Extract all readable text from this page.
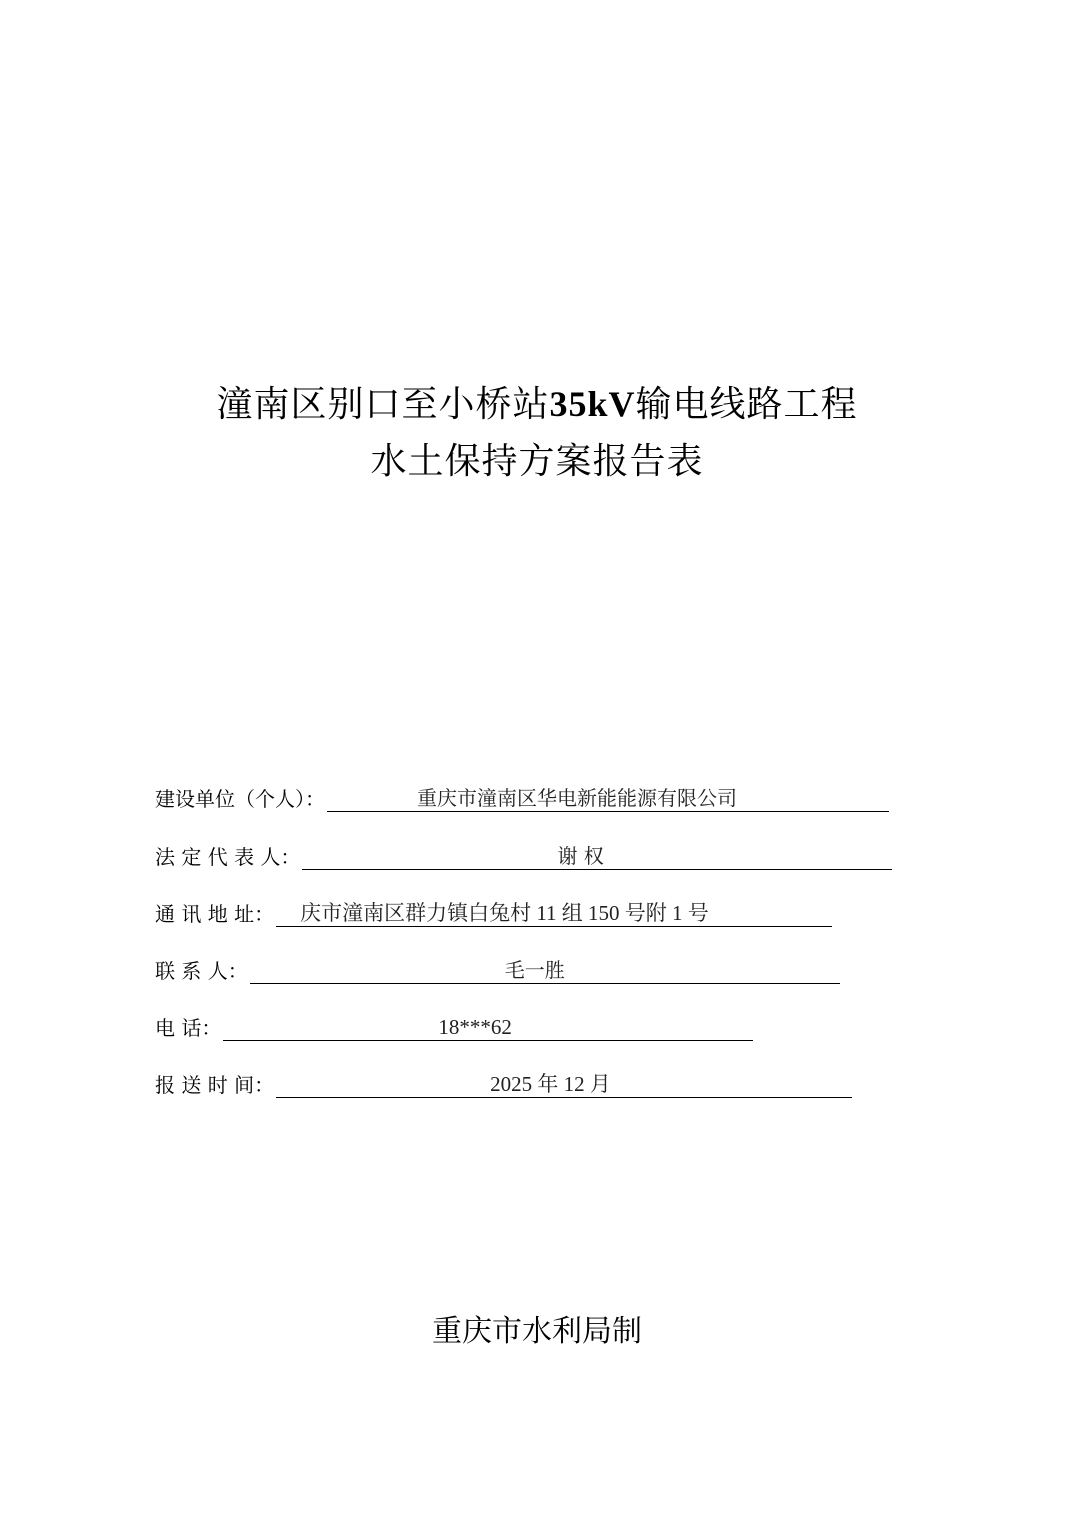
潼南区别口至小桥站35kV输电线路工程
水土保持方案报告表
建设单位（个人）：	重庆市潼南区华电新能能源有限公司
法 定 代 表 人：	谢 权
通 讯 地 址： 庆市潼南区群力镇白兔村 11 组 150 号附 1 号
联 系 人：	毛一胜
电 话：	18***62
报 送 时 间：	2025 年 12 月
重庆市水利局制
